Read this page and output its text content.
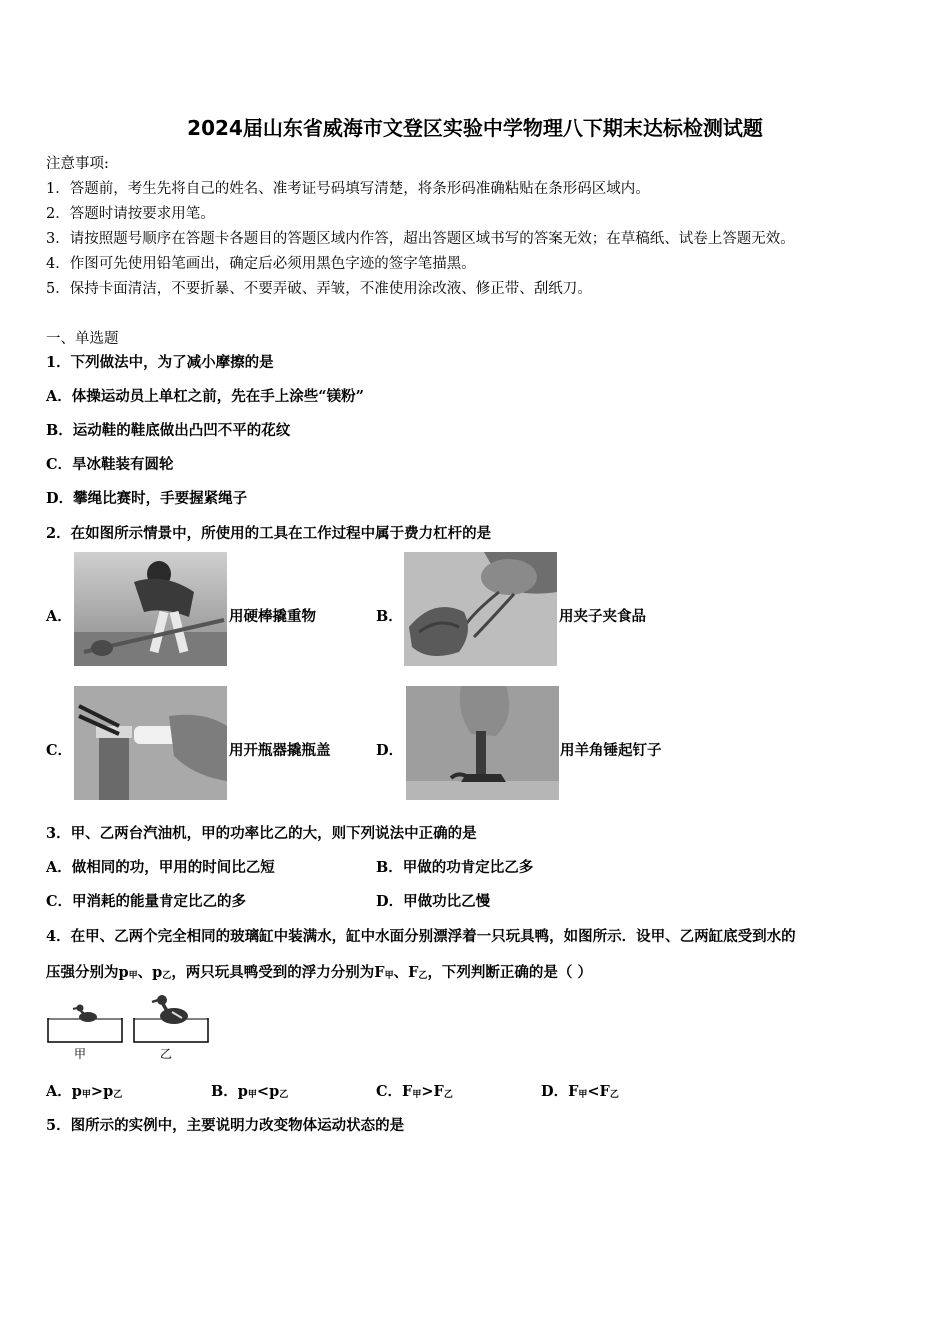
2024届山东省威海市文登区实验中学物理八下期末达标检测试题
注意事项:
1．答题前，考生先将自己的姓名、准考证号码填写清楚，将条形码准确粘贴在条形码区域内。
2．答题时请按要求用笔。
3．请按照题号顺序在答题卡各题目的答题区域内作答，超出答题区域书写的答案无效；在草稿纸、试卷上答题无效。
4．作图可先使用铅笔画出，确定后必须用黑色字迹的签字笔描黑。
5．保持卡面清洁，不要折暴、不要弄破、弄皱，不准使用涂改液、修正带、刮纸刀。
一、单选题
1．下列做法中，为了减小摩擦的是
A．体操运动员上单杠之前，先在手上涂些“镁粉”
B．运动鞋的鞋底做出凸凹不平的花纹
C．旱冰鞋装有圆轮
D．攀绳比赛时，手要握紧绳子
2．在如图所示情景中，所使用的工具在工作过程中属于费力杠杆的是
A．	用硬棒撬重物	B．	用夹子夹食品
C．	用开瓶器撬瓶盖	D．	用羊角锤起钉子
3．甲、乙两台汽油机，甲的功率比乙的大，则下列说法中正确的是
A．做相同的功，甲用的时间比乙短	B．甲做的功肯定比乙多
C．甲消耗的能量肯定比乙的多	D．甲做功比乙慢
4．在甲、乙两个完全相同的玻璃缸中装满水，缸中水面分别漂浮着一只玩具鸭，如图所示．设甲、乙两缸底受到水的
压强分别为$p_甲$、$p_乙$，两只玩具鸭受到的浮力分别为$F_甲$、$F_乙$，下列判断正确的是（ ）
甲	乙
A．$p_甲>p_乙$	B．$p_甲<p_乙$	C．$F_甲>F_乙$	D．$F_甲<F_乙$
5．图所示的实例中，主要说明力改变物体运动状态的是
